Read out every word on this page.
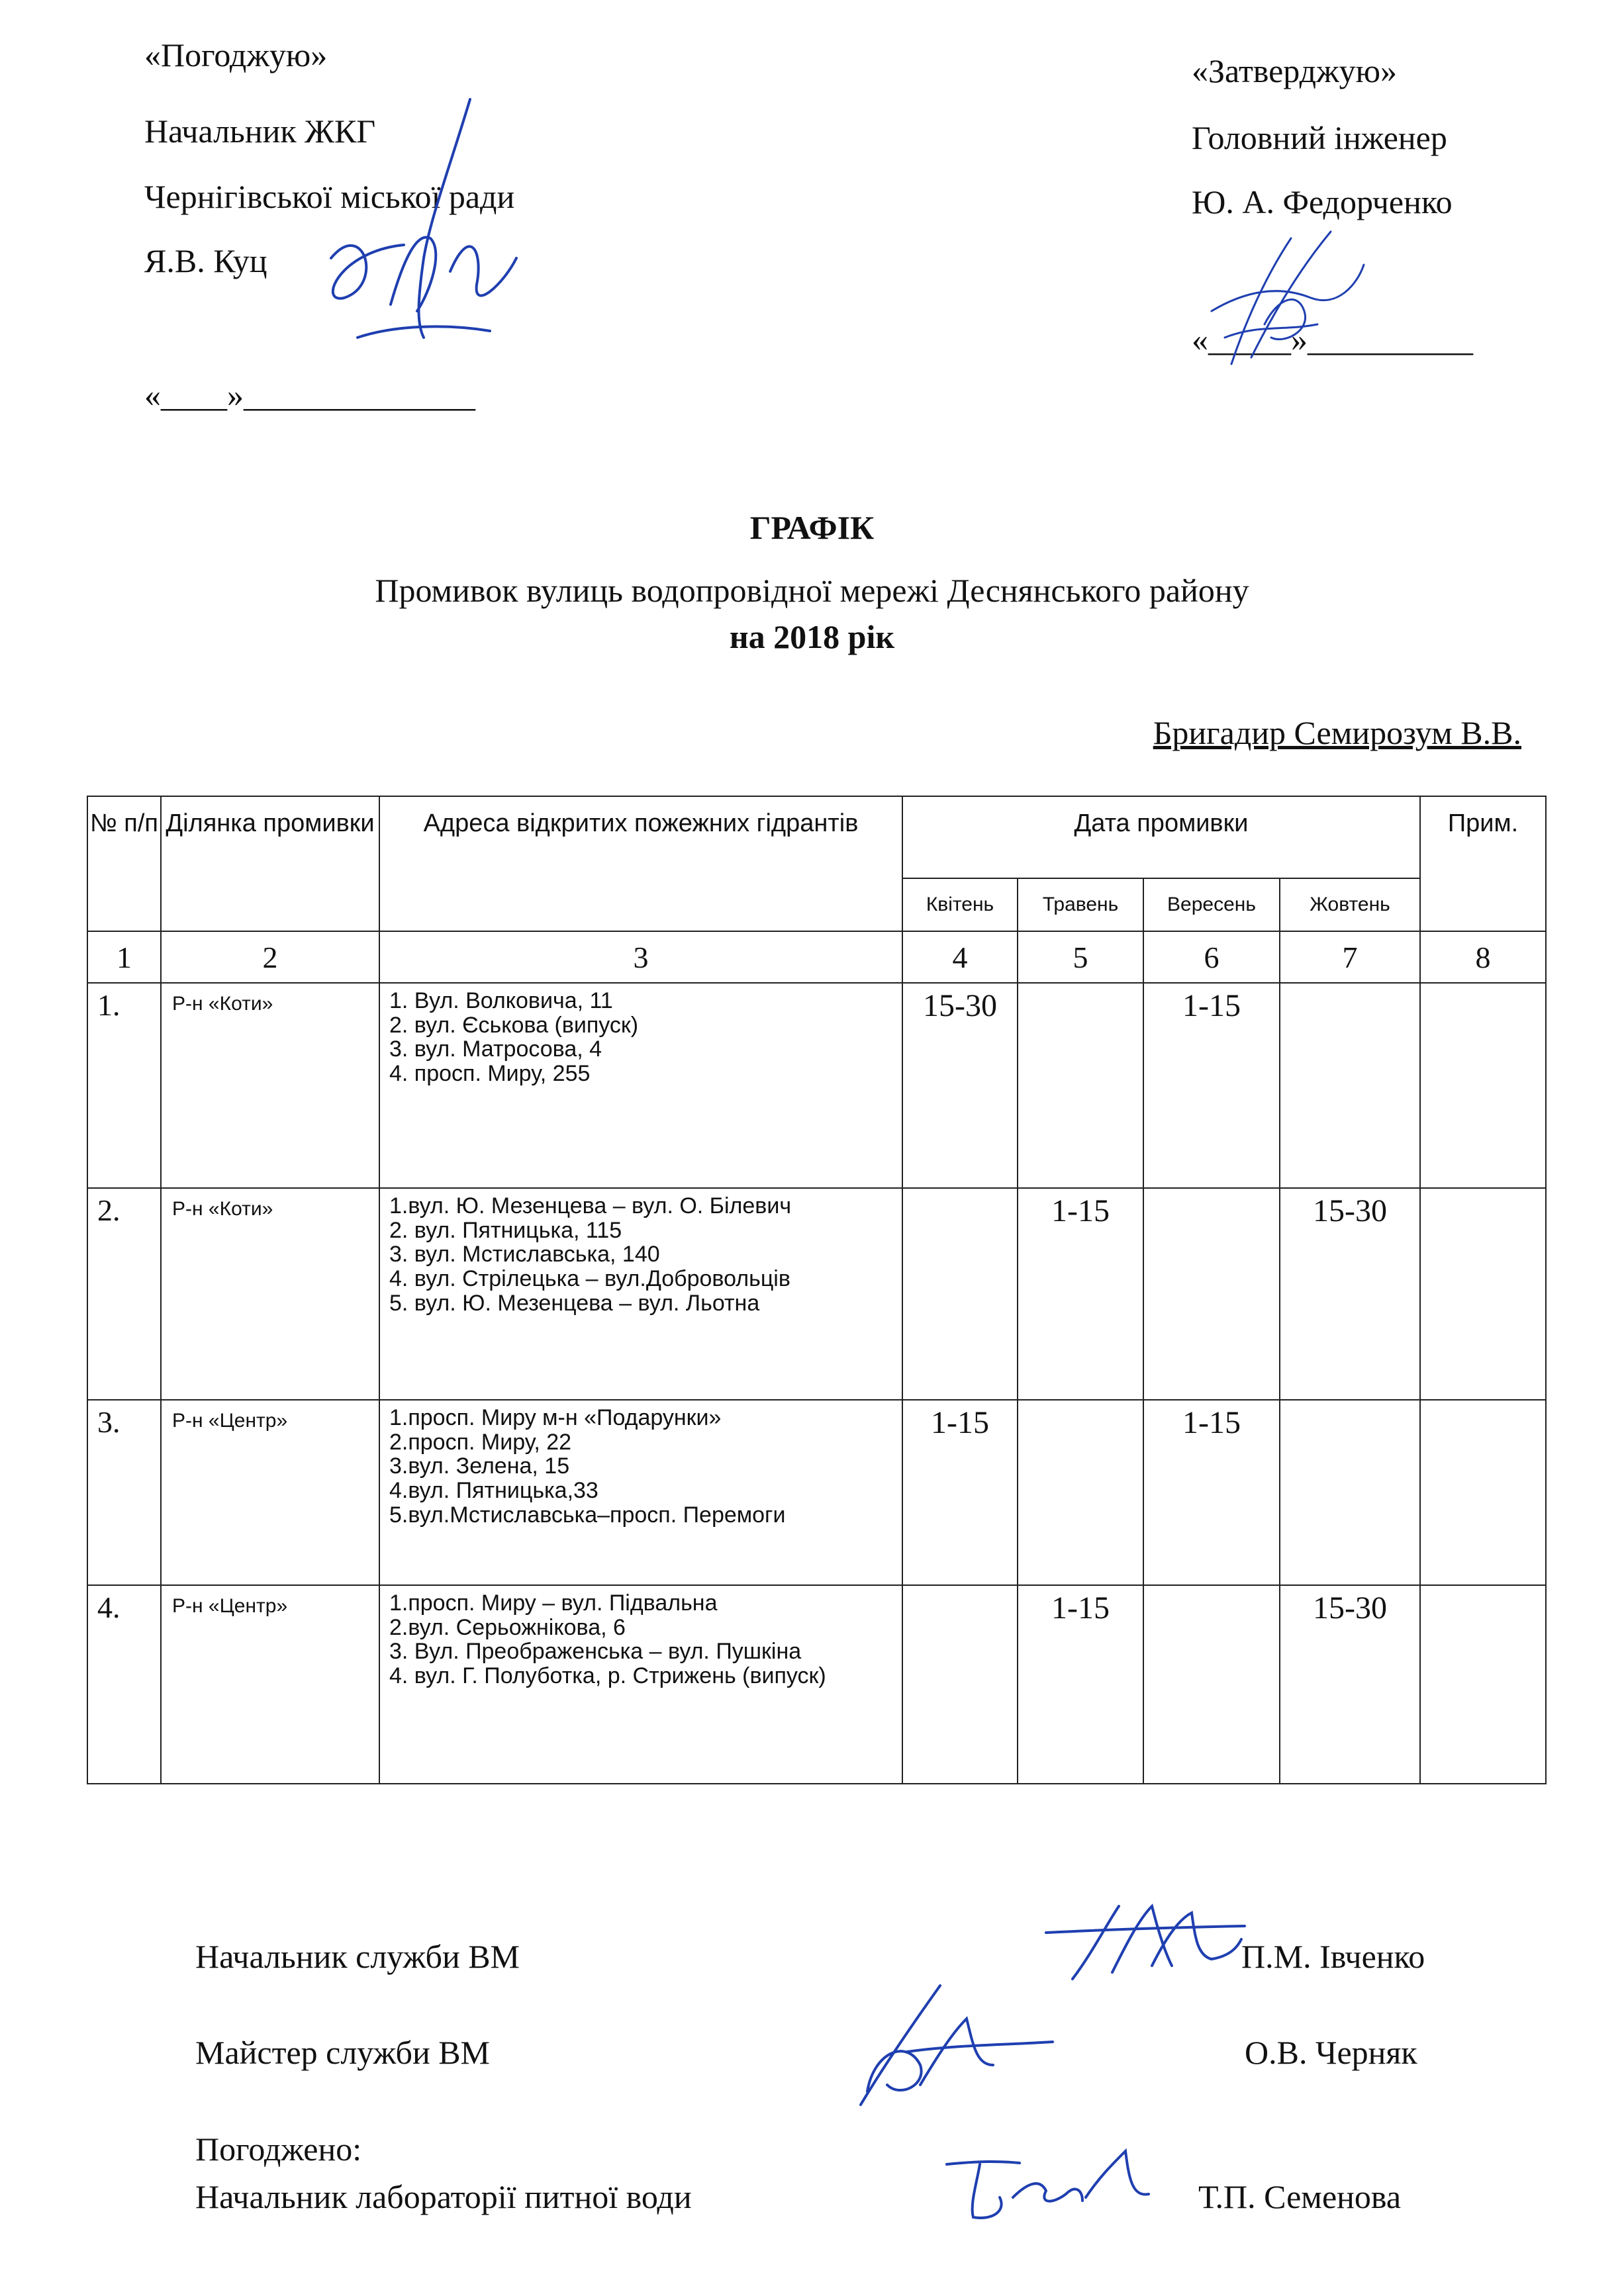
«Погоджую»
Начальник ЖКГ
Чернігівської міської ради
Я.В. Куц
«____»______________
«Затверджую»
Головний інженер
Ю. А. Федорченко
«_____»__________
ГРАФІК
Промивок вулиць водопровідної мережі Деснянського району
на 2018 рік
Бригадир Семирозум В.В.
№ п/п	Ділянка промивки	Адреса відкритих пожежних гідрантів	Дата промивки				Прим.
			Квітень	Травень	Вересень	Жовтень	
1	2	3	4	5	6	7	8
1.	Р-н «Коти»	1. Вул. Волковича, 11
2. вул. Єськова (випуск)
3. вул. Матросова, 4
4. просп. Миру, 255	15-30		1-15		
2.	Р-н «Коти»	1.вул. Ю. Мезенцева – вул. О. Білевич
2. вул. Пятницька, 115
3. вул. Мстиславська, 140
4. вул. Стрілецька – вул.Добровольців
5. вул. Ю. Мезенцева – вул. Льотна		1-15		15-30	
3.	Р-н «Центр»	1.просп. Миру м-н «Подарунки»
2.просп. Миру, 22
3.вул. Зелена, 15
4.вул. Пятницька,33
5.вул.Мстиславська–просп. Перемоги	1-15		1-15		
4.	Р-н «Центр»	1.просп. Миру – вул. Підвальна
2.вул. Серьожнікова, 6
3. Вул. Преображенська – вул. Пушкіна
4. вул. Г. Полуботка, р. Стрижень (випуск)		1-15		15-30	
Начальник служби ВМ	П.М. Івченко
Майстер служби ВМ	О.В. Черняк
Погоджено:
Начальник лабораторії питної води	Т.П. Семенова
